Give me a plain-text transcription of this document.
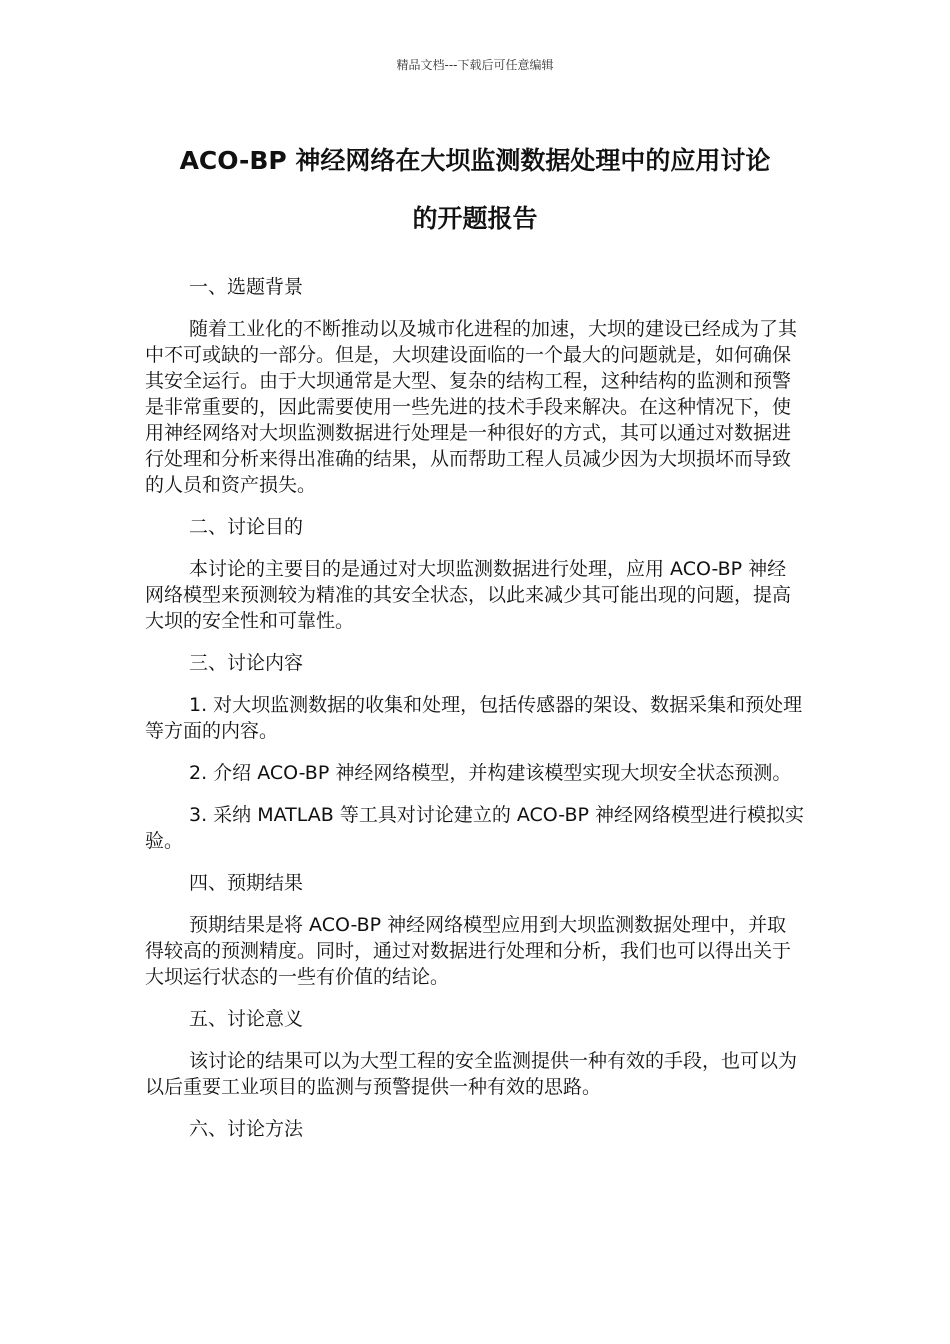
精品文档---下载后可任意编辑
ACO-BP 神经网络在大坝监测数据处理中的应用讨论
的开题报告
一、选题背景
随着工业化的不断推动以及城市化进程的加速，大坝的建设已经成为了其中不可或缺的一部分。但是，大坝建设面临的一个最大的问题就是，如何确保其安全运行。由于大坝通常是大型、复杂的结构工程，这种结构的监测和预警是非常重要的，因此需要使用一些先进的技术手段来解决。在这种情况下，使用神经网络对大坝监测数据进行处理是一种很好的方式，其可以通过对数据进行处理和分析来得出准确的结果，从而帮助工程人员减少因为大坝损坏而导致的人员和资产损失。
二、讨论目的
本讨论的主要目的是通过对大坝监测数据进行处理，应用 ACO-BP 神经网络模型来预测较为精准的其安全状态，以此来减少其可能出现的问题，提高大坝的安全性和可靠性。
三、讨论内容
1. 对大坝监测数据的收集和处理，包括传感器的架设、数据采集和预处理等方面的内容。
2. 介绍 ACO-BP 神经网络模型，并构建该模型实现大坝安全状态预测。
3. 采纳 MATLAB 等工具对讨论建立的 ACO-BP 神经网络模型进行模拟实验。
四、预期结果
预期结果是将 ACO-BP 神经网络模型应用到大坝监测数据处理中，并取得较高的预测精度。同时，通过对数据进行处理和分析，我们也可以得出关于大坝运行状态的一些有价值的结论。
五、讨论意义
该讨论的结果可以为大型工程的安全监测提供一种有效的手段，也可以为以后重要工业项目的监测与预警提供一种有效的思路。
六、讨论方法
